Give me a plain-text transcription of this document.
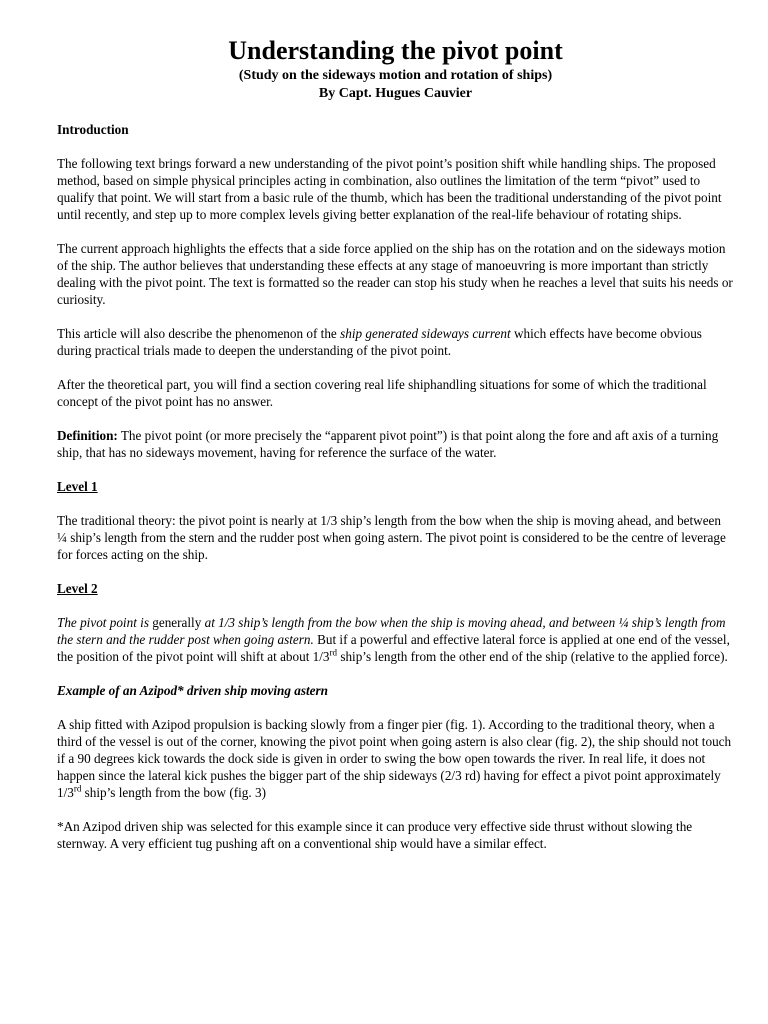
Understanding the pivot point

(Study on the sideways motion and rotation of ships)

By Capt. Hugues Cauvier

Introduction

The following text brings forward a new understanding of the pivot point’s position shift while handling ships. The proposed method, based on simple physical principles acting in combination, also outlines the limitation of the term “pivot” used to qualify that point. We will start from a basic rule of the thumb, which has been the traditional understanding of the pivot point until recently, and step up to more complex levels giving better explanation of the real-life behaviour of rotating ships.

The current approach highlights the effects that a side force applied on the ship has on the rotation and on the sideways motion of the ship. The author believes that understanding these effects at any stage of manoeuvring is more important than strictly dealing with the pivot point. The text is formatted so the reader can stop his study when he reaches a level that suits his needs or curiosity.

This article will also describe the phenomenon of the ship generated sideways current which effects have become obvious during practical trials made to deepen the understanding of the pivot point.

After the theoretical part, you will find a section covering real life shiphandling situations for some of which the traditional concept of the pivot point has no answer.

Definition: The pivot point (or more precisely the “apparent pivot point”) is that point along the fore and aft axis of a turning ship, that has no sideways movement, having for reference the surface of the water.

Level 1

The traditional theory: the pivot point is nearly at 1/3 ship’s length from the bow when the ship is moving ahead, and between ¼ ship’s length from the stern and the rudder post when going astern. The pivot point is considered to be the centre of leverage for forces acting on the ship.

Level 2

The pivot point is generally at 1/3 ship’s length from the bow when the ship is moving ahead, and between ¼ ship’s length from the stern and the rudder post when going astern. But if a powerful and effective lateral force is applied at one end of the vessel, the position of the pivot point will shift at about 1/3rd ship’s length from the other end of the ship (relative to the applied force).

Example of an Azipod* driven ship moving astern

A ship fitted with Azipod propulsion is backing slowly from a finger pier (fig. 1). According to the traditional theory, when a third of the vessel is out of the corner, knowing the pivot point when going astern is also clear (fig. 2), the ship should not touch if a 90 degrees kick towards the dock side is given in order to swing the bow open towards the river. In real life, it does not happen since the lateral kick pushes the bigger part of the ship sideways (2/3 rd) having for effect a pivot point approximately 1/3rd ship’s length from the bow (fig. 3)

*An Azipod driven ship was selected for this example since it can produce very effective side thrust without slowing the sternway. A very efficient tug pushing aft on a conventional ship would have a similar effect.
